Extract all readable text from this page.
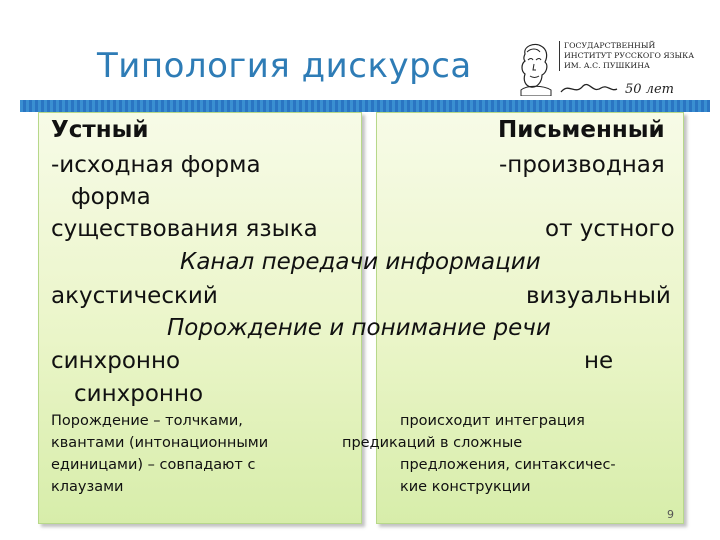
Типология дискурса
ГОСУДАРСТВЕННЫЙ
ИНСТИТУТ РУССКОГО ЯЗЫКА
ИМ. А.С. ПУШКИНА
50 лет
Устный
-исходная форма
форма
существования языка
акустический
синхронно
синхронно
Порождение – толчками,
квантами (интонационными
единицами) – совпадают с
клаузами
Письменный
-производная
от устного
визуальный
не
происходит интеграция
предикаций в сложные
предложения, синтаксичес-
кие конструкции
Канал передачи информации
Порождение и понимание речи
9
